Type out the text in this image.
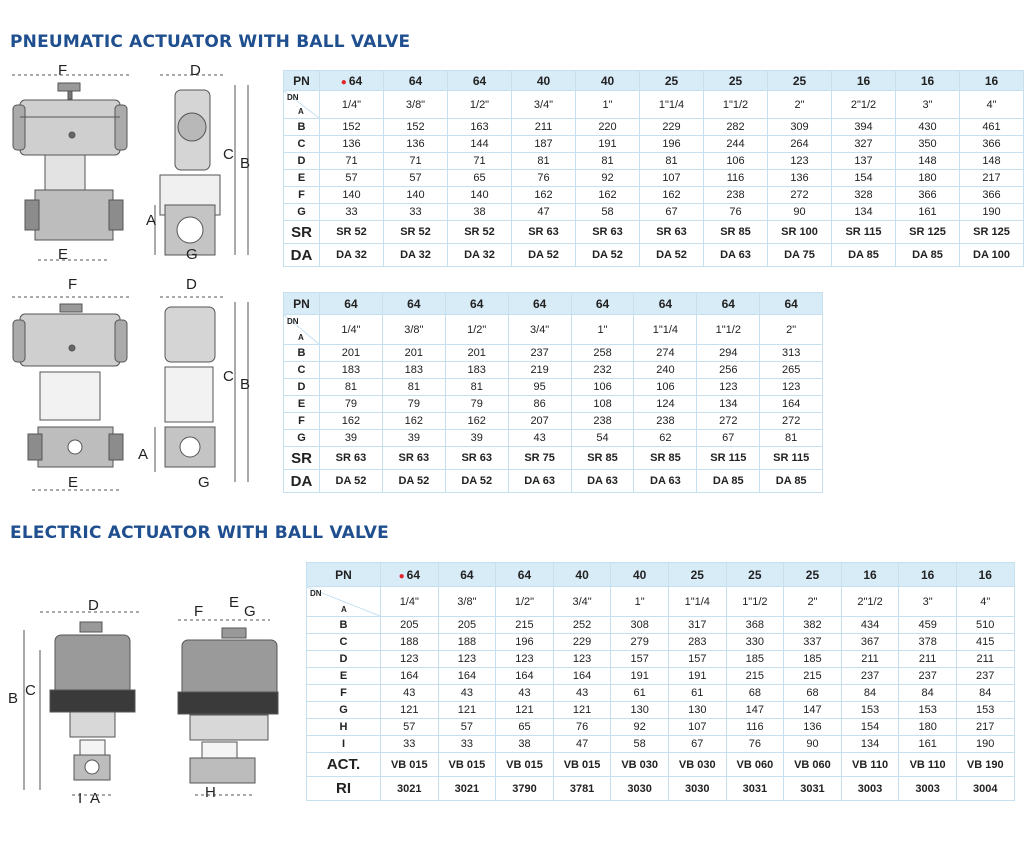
PNEUMATIC ACTUATOR WITH BALL VALVE
ELECTRIC ACTUATOR WITH BALL VALVE
F	D
C
B
A
E	G
F	D
C B
A
E	G
D
B C
I A
F
E
G
H
PN	● 64	64	64	40	40	25	25	25	16	16	16

DN
A	1/4"	3/8"	1/2"	3/4"	1"	1"1/4	1"1/2	2"	2"1/2	3"	4"
B	152	152	163	211	220	229	282	309	394	430	461
C	136	136	144	187	191	196	244	264	327	350	366
D	71	71	71	81	81	81	106	123	137	148	148
E	57	57	65	76	92	107	116	136	154	180	217
F	140	140	140	162	162	162	238	272	328	366	366
G	33	33	38	47	58	67	76	90	134	161	190
SR	SR 52	SR 52	SR 52	SR 63	SR 63	SR 63	SR 85	SR 100	SR 115	SR 125	SR 125
DA	DA 32	DA 32	DA 32	DA 52	DA 52	DA 52	DA 63	DA 75	DA 85	DA 85	DA 100
PN	64	64	64	64	64	64	64	64

DN
A	1/4"	3/8"	1/2"	3/4"	1"	1"1/4	1"1/2	2"
B	201	201	201	237	258	274	294	313
C	183	183	183	219	232	240	256	265
D	81	81	81	95	106	106	123	123
E	79	79	79	86	108	124	134	164
F	162	162	162	207	238	238	272	272
G	39	39	39	43	54	62	67	81
SR	SR 63	SR 63	SR 63	SR 75	SR 85	SR 85	SR 115	SR 115
DA	DA 52	DA 52	DA 52	DA 63	DA 63	DA 63	DA 85	DA 85
PN	● 64	64	64	40	40	25	25	25	16	16	16

DN
A	1/4"	3/8"	1/2"	3/4"	1"	1"1/4	1"1/2	2"	2"1/2	3"	4"
B	205	205	215	252	308	317	368	382	434	459	510
C	188	188	196	229	279	283	330	337	367	378	415
D	123	123	123	123	157	157	185	185	211	211	211
E	164	164	164	164	191	191	215	215	237	237	237
F	43	43	43	43	61	61	68	68	84	84	84
G	121	121	121	121	130	130	147	147	153	153	153
H	57	57	65	76	92	107	116	136	154	180	217
I	33	33	38	47	58	67	76	90	134	161	190
ACT.	VB 015	VB 015	VB 015	VB 015	VB 030	VB 030	VB 060	VB 060	VB 110	VB 110	VB 190
RI	3021	3021	3790	3781	3030	3030	3031	3031	3003	3003	3004
